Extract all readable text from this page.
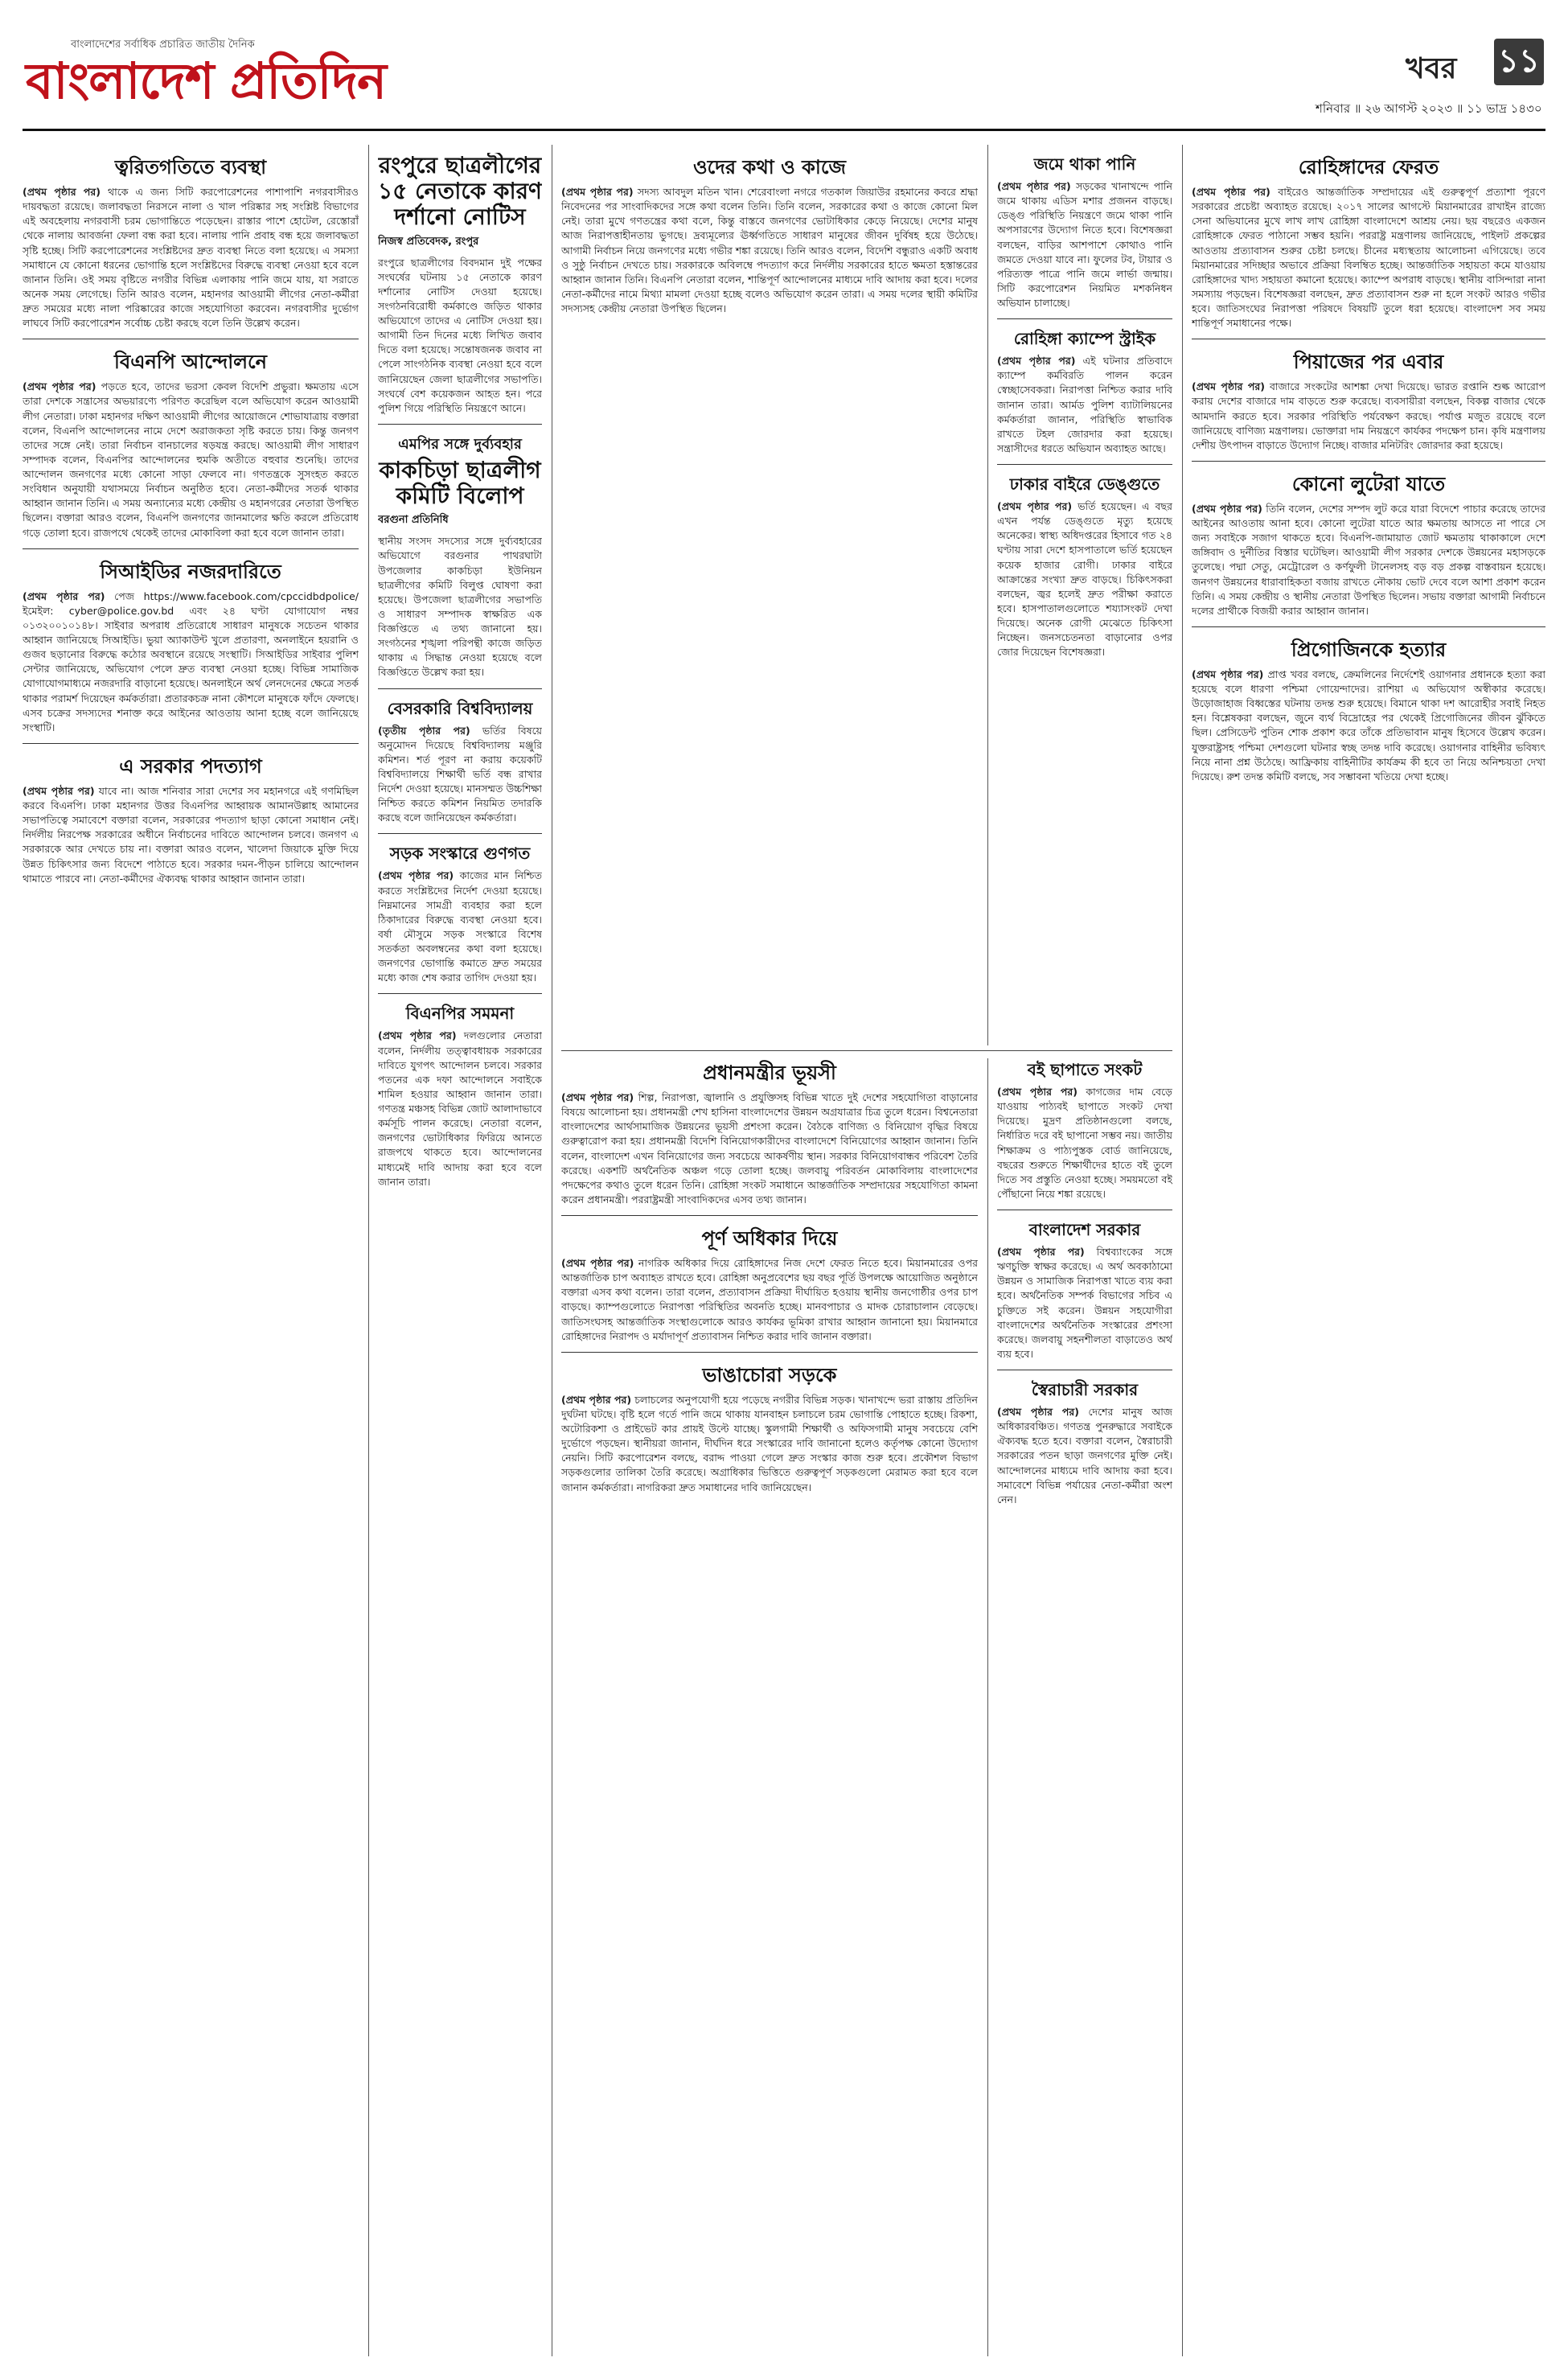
বাংলাদেশের সর্বাধিক প্রচারিত জাতীয় দৈনিক
বাংলাদেশ প্রতিদিন	খবর ১১
শনিবার ॥ ২৬ আগস্ট ২০২৩ ॥ ১১ ভাদ্র ১৪৩০
ত্বরিতগতিতে ব্যবস্থা

(প্রথম পৃষ্ঠার পর) থাকে এ জন্য সিটি করপোরেশনের পাশাপাশি নগরবাসীরও দায়বদ্ধতা রয়েছে। জলাবদ্ধতা নিরসনে নালা ও খাল পরিষ্কার সহ সংশ্লিষ্ট বিভাগের এই অবহেলায় নগরবাসী চরম ভোগান্তিতে পড়েছেন। রাস্তার পাশে হোটেল, রেস্তোরাঁ থেকে নালায় আবর্জনা ফেলা বন্ধ করা হবে। নালায় পানি প্রবাহ বন্ধ হয়ে জলাবদ্ধতা সৃষ্টি হচ্ছে। সিটি করপোরেশনের সংশ্লিষ্টদের দ্রুত ব্যবস্থা নিতে বলা হয়েছে। এ সমস্যা সমাধানে যে কোনো ধরনের ভোগান্তি হলে সংশ্লিষ্টদের বিরুদ্ধে ব্যবস্থা নেওয়া হবে বলে জানান তিনি। ওই সময় বৃষ্টিতে নগরীর বিভিন্ন এলাকায় পানি জমে যায়, যা সরাতে অনেক সময় লেগেছে। তিনি আরও বলেন, মহানগর আওয়ামী লীগের নেতা-কর্মীরা দ্রুত সময়ের মধ্যে নালা পরিষ্কারের কাজে সহযোগিতা করবেন। নগরবাসীর দুর্ভোগ লাঘবে সিটি করপোরেশন সর্বোচ্চ চেষ্টা করছে বলে তিনি উল্লেখ করেন।

বিএনপি আন্দোলনে

(প্রথম পৃষ্ঠার পর) পড়তে হবে, তাদের ভরসা কেবল বিদেশি প্রভুরা। ক্ষমতায় এসে তারা দেশকে সন্ত্রাসের অভয়ারণ্যে পরিণত করেছিল বলে অভিযোগ করেন আওয়ামী লীগ নেতারা। ঢাকা মহানগর দক্ষিণ আওয়ামী লীগের আয়োজনে শোভাযাত্রায় বক্তারা বলেন, বিএনপি আন্দোলনের নামে দেশে অরাজকতা সৃষ্টি করতে চায়। কিন্তু জনগণ তাদের সঙ্গে নেই। তারা নির্বাচন বানচালের ষড়যন্ত্র করছে। আওয়ামী লীগ সাধারণ সম্পাদক বলেন, বিএনপির আন্দোলনের হুমকি অতীতে বহুবার শুনেছি। তাদের আন্দোলন জনগণের মধ্যে কোনো সাড়া ফেলবে না। গণতন্ত্রকে সুসংহত করতে সংবিধান অনুযায়ী যথাসময়ে নির্বাচন অনুষ্ঠিত হবে। নেতা-কর্মীদের সতর্ক থাকার আহ্বান জানান তিনি। এ সময় অন্যান্যের মধ্যে কেন্দ্রীয় ও মহানগরের নেতারা উপস্থিত ছিলেন। বক্তারা আরও বলেন, বিএনপি জনগণের জানমালের ক্ষতি করলে প্রতিরোধ গড়ে তোলা হবে। রাজপথে থেকেই তাদের মোকাবিলা করা হবে বলে জানান তারা।

সিআইডির নজরদারিতে

(প্রথম পৃষ্ঠার পর) পেজ https://www.facebook.com/cpccidbdpolice/ ইমেইল: cyber@police.gov.bd এবং ২৪ ঘণ্টা যোগাযোগ নম্বর ০১৩২০০১০১৪৮। সাইবার অপরাধ প্রতিরোধে সাধারণ মানুষকে সচেতন থাকার আহ্বান জানিয়েছে সিআইডি। ভুয়া অ্যাকাউন্ট খুলে প্রতারণা, অনলাইনে হয়রানি ও গুজব ছড়ানোর বিরুদ্ধে কঠোর অবস্থানে রয়েছে সংস্থাটি। সিআইডির সাইবার পুলিশ সেন্টার জানিয়েছে, অভিযোগ পেলে দ্রুত ব্যবস্থা নেওয়া হচ্ছে। বিভিন্ন সামাজিক যোগাযোগমাধ্যমে নজরদারি বাড়ানো হয়েছে। অনলাইনে অর্থ লেনদেনের ক্ষেত্রে সতর্ক থাকার পরামর্শ দিয়েছেন কর্মকর্তারা। প্রতারকচক্র নানা কৌশলে মানুষকে ফাঁদে ফেলছে। এসব চক্রের সদস্যদের শনাক্ত করে আইনের আওতায় আনা হচ্ছে বলে জানিয়েছে সংস্থাটি।

এ সরকার পদত্যাগ

(প্রথম পৃষ্ঠার পর) যাবে না। আজ শনিবার সারা দেশের সব মহানগরে এই গণমিছিল করবে বিএনপি। ঢাকা মহানগর উত্তর বিএনপির আহ্বায়ক আমানউল্লাহ আমানের সভাপতিত্বে সমাবেশে বক্তারা বলেন, সরকারের পদত্যাগ ছাড়া কোনো সমাধান নেই। নির্দলীয় নিরপেক্ষ সরকারের অধীনে নির্বাচনের দাবিতে আন্দোলন চলবে। জনগণ এ সরকারকে আর দেখতে চায় না। বক্তারা আরও বলেন, খালেদা জিয়াকে মুক্তি দিয়ে উন্নত চিকিৎসার জন্য বিদেশে পাঠাতে হবে। সরকার দমন-পীড়ন চালিয়ে আন্দোলন থামাতে পারবে না। নেতা-কর্মীদের ঐক্যবদ্ধ থাকার আহ্বান জানান তারা।

রংপুরে ছাত্রলীগের ১৫ নেতাকে কারণ দর্শানো নোটিস
নিজস্ব প্রতিবেদক, রংপুর

রংপুরে ছাত্রলীগের বিবদমান দুই পক্ষের সংঘর্ষের ঘটনায় ১৫ নেতাকে কারণ দর্শানোর নোটিস দেওয়া হয়েছে। সংগঠনবিরোধী কর্মকাণ্ডে জড়িত থাকার অভিযোগে তাদের এ নোটিস দেওয়া হয়। আগামী তিন দিনের মধ্যে লিখিত জবাব দিতে বলা হয়েছে। সন্তোষজনক জবাব না পেলে সাংগঠনিক ব্যবস্থা নেওয়া হবে বলে জানিয়েছেন জেলা ছাত্রলীগের সভাপতি। সংঘর্ষে বেশ কয়েকজন আহত হন। পরে পুলিশ গিয়ে পরিস্থিতি নিয়ন্ত্রণে আনে।

এমপির সঙ্গে দুর্ব্যবহার
কাকচিড়া ছাত্রলীগ কমিটি বিলোপ
বরগুনা প্রতিনিধি

স্থানীয় সংসদ সদস্যের সঙ্গে দুর্ব্যবহারের অভিযোগে বরগুনার পাথরঘাটা উপজেলার কাকচিড়া ইউনিয়ন ছাত্রলীগের কমিটি বিলুপ্ত ঘোষণা করা হয়েছে। উপজেলা ছাত্রলীগের সভাপতি ও সাধারণ সম্পাদক স্বাক্ষরিত এক বিজ্ঞপ্তিতে এ তথ্য জানানো হয়। সংগঠনের শৃঙ্খলা পরিপন্থী কাজে জড়িত থাকায় এ সিদ্ধান্ত নেওয়া হয়েছে বলে বিজ্ঞপ্তিতে উল্লেখ করা হয়।

বেসরকারি বিশ্ববিদ্যালয়

(তৃতীয় পৃষ্ঠার পর) ভর্তির বিষয়ে অনুমোদন দিয়েছে বিশ্ববিদ্যালয় মঞ্জুরি কমিশন। শর্ত পূরণ না করায় কয়েকটি বিশ্ববিদ্যালয়ে শিক্ষার্থী ভর্তি বন্ধ রাখার নির্দেশ দেওয়া হয়েছে। মানসম্মত উচ্চশিক্ষা নিশ্চিত করতে কমিশন নিয়মিত তদারকি করছে বলে জানিয়েছেন কর্মকর্তারা।

সড়ক সংস্কারে গুণগত

(প্রথম পৃষ্ঠার পর) কাজের মান নিশ্চিত করতে সংশ্লিষ্টদের নির্দেশ দেওয়া হয়েছে। নিম্নমানের সামগ্রী ব্যবহার করা হলে ঠিকাদারের বিরুদ্ধে ব্যবস্থা নেওয়া হবে। বর্ষা মৌসুমে সড়ক সংস্কারে বিশেষ সতর্কতা অবলম্বনের কথা বলা হয়েছে। জনগণের ভোগান্তি কমাতে দ্রুত সময়ের মধ্যে কাজ শেষ করার তাগিদ দেওয়া হয়।

বিএনপির সমমনা

(প্রথম পৃষ্ঠার পর) দলগুলোর নেতারা বলেন, নির্দলীয় তত্ত্বাবধায়ক সরকারের দাবিতে যুগপৎ আন্দোলন চলবে। সরকার পতনের এক দফা আন্দোলনে সবাইকে শামিল হওয়ার আহ্বান জানান তারা। গণতন্ত্র মঞ্চসহ বিভিন্ন জোট আলাদাভাবে কর্মসূচি পালন করেছে। নেতারা বলেন, জনগণের ভোটাধিকার ফিরিয়ে আনতে রাজপথে থাকতে হবে। আন্দোলনের মাধ্যমেই দাবি আদায় করা হবে বলে জানান তারা।

ওদের কথা ও কাজে

(প্রথম পৃষ্ঠার পর) সদস্য আবদুল মতিন খান। শেরেবাংলা নগরে গতকাল জিয়াউর রহমানের কবরে শ্রদ্ধা নিবেদনের পর সাংবাদিকদের সঙ্গে কথা বলেন তিনি। তিনি বলেন, সরকারের কথা ও কাজে কোনো মিল নেই। তারা মুখে গণতন্ত্রের কথা বলে, কিন্তু বাস্তবে জনগণের ভোটাধিকার কেড়ে নিয়েছে। দেশের মানুষ আজ নিরাপত্তাহীনতায় ভুগছে। দ্রব্যমূল্যের ঊর্ধ্বগতিতে সাধারণ মানুষের জীবন দুর্বিষহ হয়ে উঠেছে। আগামী নির্বাচন নিয়ে জনগণের মধ্যে গভীর শঙ্কা রয়েছে। তিনি আরও বলেন, বিদেশি বন্ধুরাও একটি অবাধ ও সুষ্ঠু নির্বাচন দেখতে চায়। সরকারকে অবিলম্বে পদত্যাগ করে নির্দলীয় সরকারের হাতে ক্ষমতা হস্তান্তরের আহ্বান জানান তিনি। বিএনপি নেতারা বলেন, শান্তিপূর্ণ আন্দোলনের মাধ্যমে দাবি আদায় করা হবে। দলের নেতা-কর্মীদের নামে মিথ্যা মামলা দেওয়া হচ্ছে বলেও অভিযোগ করেন তারা। এ সময় দলের স্থায়ী কমিটির সদস্যসহ কেন্দ্রীয় নেতারা উপস্থিত ছিলেন।

জমে থাকা পানি

(প্রথম পৃষ্ঠার পর) সড়কের খানাখন্দে পানি জমে থাকায় এডিস মশার প্রজনন বাড়ছে। ডেঙ্গু পরিস্থিতি নিয়ন্ত্রণে জমে থাকা পানি অপসারণের উদ্যোগ নিতে হবে। বিশেষজ্ঞরা বলছেন, বাড়ির আশপাশে কোথাও পানি জমতে দেওয়া যাবে না। ফুলের টব, টায়ার ও পরিত্যক্ত পাত্রে পানি জমে লার্ভা জন্মায়। সিটি করপোরেশন নিয়মিত মশকনিধন অভিযান চালাচ্ছে।

রোহিঙ্গা ক্যাম্পে স্ট্রাইক

(প্রথম পৃষ্ঠার পর) এই ঘটনার প্রতিবাদে ক্যাম্পে কর্মবিরতি পালন করেন স্বেচ্ছাসেবকরা। নিরাপত্তা নিশ্চিত করার দাবি জানান তারা। আর্মড পুলিশ ব্যাটালিয়নের কর্মকর্তারা জানান, পরিস্থিতি স্বাভাবিক রাখতে টহল জোরদার করা হয়েছে। সন্ত্রাসীদের ধরতে অভিযান অব্যাহত আছে।

ঢাকার বাইরে ডেঙ্গুতে

(প্রথম পৃষ্ঠার পর) ভর্তি হয়েছেন। এ বছর এখন পর্যন্ত ডেঙ্গুতে মৃত্যু হয়েছে অনেকের। স্বাস্থ্য অধিদপ্তরের হিসাবে গত ২৪ ঘণ্টায় সারা দেশে হাসপাতালে ভর্তি হয়েছেন কয়েক হাজার রোগী। ঢাকার বাইরে আক্রান্তের সংখ্যা দ্রুত বাড়ছে। চিকিৎসকরা বলছেন, জ্বর হলেই দ্রুত পরীক্ষা করাতে হবে। হাসপাতালগুলোতে শয্যাসংকট দেখা দিয়েছে। অনেক রোগী মেঝেতে চিকিৎসা নিচ্ছেন। জনসচেতনতা বাড়ানোর ওপর জোর দিয়েছেন বিশেষজ্ঞরা।

প্রধানমন্ত্রীর ভূয়সী

(প্রথম পৃষ্ঠার পর) শিল্প, নিরাপত্তা, জ্বালানি ও প্রযুক্তিসহ বিভিন্ন খাতে দুই দেশের সহযোগিতা বাড়ানোর বিষয়ে আলোচনা হয়। প্রধানমন্ত্রী শেখ হাসিনা বাংলাদেশের উন্নয়ন অগ্রযাত্রার চিত্র তুলে ধরেন। বিশ্বনেতারা বাংলাদেশের আর্থসামাজিক উন্নয়নের ভূয়সী প্রশংসা করেন। বৈঠকে বাণিজ্য ও বিনিয়োগ বৃদ্ধির বিষয়ে গুরুত্বারোপ করা হয়। প্রধানমন্ত্রী বিদেশি বিনিয়োগকারীদের বাংলাদেশে বিনিয়োগের আহ্বান জানান। তিনি বলেন, বাংলাদেশ এখন বিনিয়োগের জন্য সবচেয়ে আকর্ষণীয় স্থান। সরকার বিনিয়োগবান্ধব পরিবেশ তৈরি করেছে। একশটি অর্থনৈতিক অঞ্চল গড়ে তোলা হচ্ছে। জলবায়ু পরিবর্তন মোকাবিলায় বাংলাদেশের পদক্ষেপের কথাও তুলে ধরেন তিনি। রোহিঙ্গা সংকট সমাধানে আন্তর্জাতিক সম্প্রদায়ের সহযোগিতা কামনা করেন প্রধানমন্ত্রী। পররাষ্ট্রমন্ত্রী সাংবাদিকদের এসব তথ্য জানান।

পূর্ণ অধিকার দিয়ে

(প্রথম পৃষ্ঠার পর) নাগরিক অধিকার দিয়ে রোহিঙ্গাদের নিজ দেশে ফেরত নিতে হবে। মিয়ানমারের ওপর আন্তর্জাতিক চাপ অব্যাহত রাখতে হবে। রোহিঙ্গা অনুপ্রবেশের ছয় বছর পূর্তি উপলক্ষে আয়োজিত অনুষ্ঠানে বক্তারা এসব কথা বলেন। তারা বলেন, প্রত্যাবাসন প্রক্রিয়া দীর্ঘায়িত হওয়ায় স্থানীয় জনগোষ্ঠীর ওপর চাপ বাড়ছে। ক্যাম্পগুলোতে নিরাপত্তা পরিস্থিতির অবনতি হচ্ছে। মানবপাচার ও মাদক চোরাচালান বেড়েছে। জাতিসংঘসহ আন্তর্জাতিক সংস্থাগুলোকে আরও কার্যকর ভূমিকা রাখার আহ্বান জানানো হয়। মিয়ানমারে রোহিঙ্গাদের নিরাপদ ও মর্যাদাপূর্ণ প্রত্যাবাসন নিশ্চিত করার দাবি জানান বক্তারা।

ভাঙাচোরা সড়কে

(প্রথম পৃষ্ঠার পর) চলাচলের অনুপযোগী হয়ে পড়েছে নগরীর বিভিন্ন সড়ক। খানাখন্দে ভরা রাস্তায় প্রতিদিন দুর্ঘটনা ঘটছে। বৃষ্টি হলে গর্তে পানি জমে থাকায় যানবাহন চলাচলে চরম ভোগান্তি পোহাতে হচ্ছে। রিকশা, অটোরিকশা ও প্রাইভেট কার প্রায়ই উল্টে যাচ্ছে। স্কুলগামী শিক্ষার্থী ও অফিসগামী মানুষ সবচেয়ে বেশি দুর্ভোগে পড়ছেন। স্থানীয়রা জানান, দীর্ঘদিন ধরে সংস্কারের দাবি জানানো হলেও কর্তৃপক্ষ কোনো উদ্যোগ নেয়নি। সিটি করপোরেশন বলছে, বরাদ্দ পাওয়া গেলে দ্রুত সংস্কার কাজ শুরু হবে। প্রকৌশল বিভাগ সড়কগুলোর তালিকা তৈরি করেছে। অগ্রাধিকার ভিত্তিতে গুরুত্বপূর্ণ সড়কগুলো মেরামত করা হবে বলে জানান কর্মকর্তারা। নাগরিকরা দ্রুত সমাধানের দাবি জানিয়েছেন।

বই ছাপাতে সংকট

(প্রথম পৃষ্ঠার পর) কাগজের দাম বেড়ে যাওয়ায় পাঠ্যবই ছাপাতে সংকট দেখা দিয়েছে। মুদ্রণ প্রতিষ্ঠানগুলো বলছে, নির্ধারিত দরে বই ছাপানো সম্ভব নয়। জাতীয় শিক্ষাক্রম ও পাঠ্যপুস্তক বোর্ড জানিয়েছে, বছরের শুরুতে শিক্ষার্থীদের হাতে বই তুলে দিতে সব প্রস্তুতি নেওয়া হচ্ছে। সময়মতো বই পৌঁছানো নিয়ে শঙ্কা রয়েছে।

বাংলাদেশ সরকার

(প্রথম পৃষ্ঠার পর) বিশ্বব্যাংকের সঙ্গে ঋণচুক্তি স্বাক্ষর করেছে। এ অর্থ অবকাঠামো উন্নয়ন ও সামাজিক নিরাপত্তা খাতে ব্যয় করা হবে। অর্থনৈতিক সম্পর্ক বিভাগের সচিব এ চুক্তিতে সই করেন। উন্নয়ন সহযোগীরা বাংলাদেশের অর্থনৈতিক সংস্কারের প্রশংসা করেছে। জলবায়ু সহনশীলতা বাড়াতেও অর্থ ব্যয় হবে।

স্বৈরাচারী সরকার

(প্রথম পৃষ্ঠার পর) দেশের মানুষ আজ অধিকারবঞ্চিত। গণতন্ত্র পুনরুদ্ধারে সবাইকে ঐক্যবদ্ধ হতে হবে। বক্তারা বলেন, স্বৈরাচারী সরকারের পতন ছাড়া জনগণের মুক্তি নেই। আন্দোলনের মাধ্যমে দাবি আদায় করা হবে। সমাবেশে বিভিন্ন পর্যায়ের নেতা-কর্মীরা অংশ নেন।

রোহিঙ্গাদের ফেরত

(প্রথম পৃষ্ঠার পর) বাইরেও আন্তর্জাতিক সম্প্রদায়ের এই গুরুত্বপূর্ণ প্রত্যাশা পূরণে সরকারের প্রচেষ্টা অব্যাহত রয়েছে। ২০১৭ সালের আগস্টে মিয়ানমারের রাখাইন রাজ্যে সেনা অভিযানের মুখে লাখ লাখ রোহিঙ্গা বাংলাদেশে আশ্রয় নেয়। ছয় বছরেও একজন রোহিঙ্গাকে ফেরত পাঠানো সম্ভব হয়নি। পররাষ্ট্র মন্ত্রণালয় জানিয়েছে, পাইলট প্রকল্পের আওতায় প্রত্যাবাসন শুরুর চেষ্টা চলছে। চীনের মধ্যস্থতায় আলোচনা এগিয়েছে। তবে মিয়ানমারের সদিচ্ছার অভাবে প্রক্রিয়া বিলম্বিত হচ্ছে। আন্তর্জাতিক সহায়তা কমে যাওয়ায় রোহিঙ্গাদের খাদ্য সহায়তা কমানো হয়েছে। ক্যাম্পে অপরাধ বাড়ছে। স্থানীয় বাসিন্দারা নানা সমস্যায় পড়ছেন। বিশেষজ্ঞরা বলছেন, দ্রুত প্রত্যাবাসন শুরু না হলে সংকট আরও গভীর হবে। জাতিসংঘের নিরাপত্তা পরিষদে বিষয়টি তুলে ধরা হয়েছে। বাংলাদেশ সব সময় শান্তিপূর্ণ সমাধানের পক্ষে।

পিয়াজের পর এবার

(প্রথম পৃষ্ঠার পর) বাজারে সংকটের আশঙ্কা দেখা দিয়েছে। ভারত রপ্তানি শুল্ক আরোপ করায় দেশের বাজারে দাম বাড়তে শুরু করেছে। ব্যবসায়ীরা বলছেন, বিকল্প বাজার থেকে আমদানি করতে হবে। সরকার পরিস্থিতি পর্যবেক্ষণ করছে। পর্যাপ্ত মজুত রয়েছে বলে জানিয়েছে বাণিজ্য মন্ত্রণালয়। ভোক্তারা দাম নিয়ন্ত্রণে কার্যকর পদক্ষেপ চান। কৃষি মন্ত্রণালয় দেশীয় উৎপাদন বাড়াতে উদ্যোগ নিচ্ছে। বাজার মনিটরিং জোরদার করা হয়েছে।

কোনো লুটেরা যাতে

(প্রথম পৃষ্ঠার পর) তিনি বলেন, দেশের সম্পদ লুট করে যারা বিদেশে পাচার করেছে তাদের আইনের আওতায় আনা হবে। কোনো লুটেরা যাতে আর ক্ষমতায় আসতে না পারে সে জন্য সবাইকে সজাগ থাকতে হবে। বিএনপি-জামায়াত জোট ক্ষমতায় থাকাকালে দেশে জঙ্গিবাদ ও দুর্নীতির বিস্তার ঘটেছিল। আওয়ামী লীগ সরকার দেশকে উন্নয়নের মহাসড়কে তুলেছে। পদ্মা সেতু, মেট্রোরেল ও কর্ণফুলী টানেলসহ বড় বড় প্রকল্প বাস্তবায়ন হয়েছে। জনগণ উন্নয়নের ধারাবাহিকতা বজায় রাখতে নৌকায় ভোট দেবে বলে আশা প্রকাশ করেন তিনি। এ সময় কেন্দ্রীয় ও স্থানীয় নেতারা উপস্থিত ছিলেন। সভায় বক্তারা আগামী নির্বাচনে দলের প্রার্থীকে বিজয়ী করার আহ্বান জানান।

প্রিগোজিনকে হত্যার

(প্রথম পৃষ্ঠার পর) প্রাপ্ত খবর বলছে, ক্রেমলিনের নির্দেশেই ওয়াগনার প্রধানকে হত্যা করা হয়েছে বলে ধারণা পশ্চিমা গোয়েন্দাদের। রাশিয়া এ অভিযোগ অস্বীকার করেছে। উড়োজাহাজ বিধ্বস্তের ঘটনায় তদন্ত শুরু হয়েছে। বিমানে থাকা দশ আরোহীর সবাই নিহত হন। বিশ্লেষকরা বলছেন, জুনে ব্যর্থ বিদ্রোহের পর থেকেই প্রিগোজিনের জীবন ঝুঁকিতে ছিল। প্রেসিডেন্ট পুতিন শোক প্রকাশ করে তাঁকে প্রতিভাবান মানুষ হিসেবে উল্লেখ করেন। যুক্তরাষ্ট্রসহ পশ্চিমা দেশগুলো ঘটনার স্বচ্ছ তদন্ত দাবি করেছে। ওয়াগনার বাহিনীর ভবিষ্যৎ নিয়ে নানা প্রশ্ন উঠেছে। আফ্রিকায় বাহিনীটির কার্যক্রম কী হবে তা নিয়ে অনিশ্চয়তা দেখা দিয়েছে। রুশ তদন্ত কমিটি বলছে, সব সম্ভাবনা খতিয়ে দেখা হচ্ছে।
